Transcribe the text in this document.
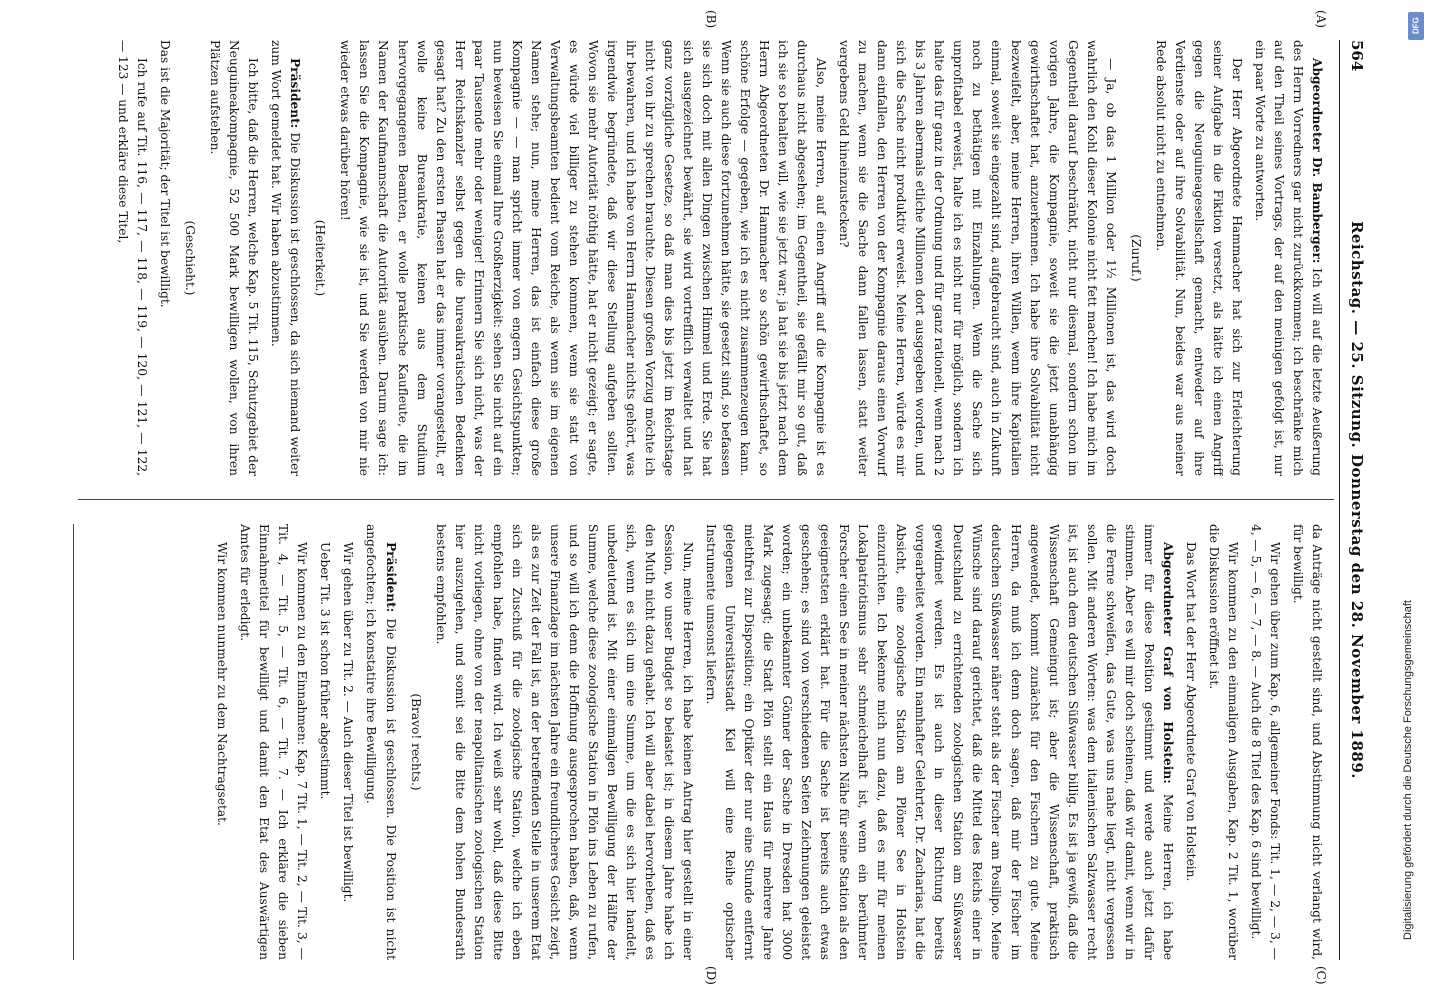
564
Reichstag. — 25. Sitzung. Donnerstag den 28. November 1889.
(A)
(B)
(C)
(D)

Abgeordneter Dr. Bamberger: Ich will auf die letzte Aeußerung des Herrn Vorredners gar nicht zurückkommen; ich beschränke mich auf den Theil seines Vortrags, der auf den meinigen gefolgt ist, nur ein paar Worte zu antworten.

Der Herr Abgeordnete Hammacher hat sich zur Erleichterung seiner Aufgabe in die Fiktion versetzt, als hätte ich einen Angriff gegen die Neuguineagesellschaft gemacht, entweder auf ihre Verdienste oder auf ihre Solvabilität. Nun, beides war aus meiner Rede absolut nicht zu entnehmen.

(Zuruf.)

— Ja, ob das 1 Million oder 1½ Millionen ist, das wird doch wahrlich den Kohl dieser Kolonie nicht fett machen! Ich habe mich im Gegentheil darauf beschränkt, nicht nur diesmal, sondern schon im vorigen Jahre, die Kompagnie, soweit sie die jetzt unabhängig gewirthschaftet hat, anzuerkennen. Ich habe ihre Solvabilität nicht bezweifelt, aber, meine Herren, ihren Willen, wenn ihre Kapitalien einmal, soweit sie eingezahlt sind, aufgebraucht sind, auch in Zukunft noch zu bethätigen mit Einzahlungen. Wenn die Sache sich unprofitabel erweist, halte ich es nicht nur für möglich, sondern ich halte das für ganz in der Ordnung und für ganz rationell, wenn nach 2 bis 3 Jahren abermals etliche Millionen dort ausgegeben worden, und sich die Sache nicht produktiv erweist. Meine Herren, würde es mir dann einfallen, den Herren von der Kompagnie daraus einen Vorwurf zu machen, wenn sie die Sache dann fallen lassen, statt weiter vergebens Geld hineinzustecken?

Also, meine Herren, auf einen Angriff auf die Kompagnie ist es durchaus nicht abgesehen; im Gegentheil, sie gefällt mir so gut, daß ich sie so behalten will, wie sie jetzt war; ja hat sie bis jetzt nach dem Herrn Abgeordneten Dr. Hammacher so schön gewirthschaftet, so schöne Erfolge — gegeben, wie ich es nicht zusammenzeugen kann. Wenn sie auch diese fortzunehmen hätte, sie gesetzt sind, so befassen sie sich doch mit allen Dingen zwischen Himmel und Erde. Sie hat sich ausgezeichnet bewährt, sie wird vortrefflich verwaltet und hat ganz vorzügliche Gesetze, so daß man dies bis jetzt im Reichstage nicht von ihr zu sprechen brauchte. Diesen großen Vorzug möchte ich ihr bewahren, und ich habe von Herrn Hammacher nichts gehört, was irgendwie begründete, daß wir diese Stellung aufgeben sollten. Wovon sie mehr Autorität nöthig hätte, hat er nicht gezeigt; er sagte, es würde viel billiger zu stehen kommen, wenn sie statt von Verwaltungsbeamten bedient vom Reiche, als wenn sie im eigenen Namen stehe; nun, meine Herren, das ist einfach diese große Kompagnie — — man spricht immer von engern Gesichtspunkten; nun beweisen Sie einmal Ihre Großherzigkeit: sehen Sie nicht auf ein paar Tausende mehr oder weniger! Erinnern Sie sich nicht, was der Herr Reichskanzler selbst gegen die bureaukratischen Bedenken gesagt hat? Zu den ersten Phasen hat er das immer vorangestellt, er wolle keine Bureaukratie, keinen aus dem Studium hervorgegangenen Beamten, er wolle praktische Kaufleute, die im Namen der Kaufmannschaft die Autorität ausüben. Darum sage ich: lassen Sie die Kompagnie, wie sie ist, und Sie werden von mir nie wieder etwas darüber hören!

(Heiterkeit.)

Präsident: Die Diskussion ist geschlossen, da sich niemand weiter zum Wort gemeldet hat. Wir haben abzustimmen.

Ich bitte, daß die Herren, welche Kap. 5 Tit. 115, Schutzgebiet der Neuguineakompagnie, 52 500 Mark bewilligen wollen, von ihren Plätzen aufstehen.

(Geschieht.)

Das ist die Majorität; der Titel ist bewilligt.

Ich rufe auf Tit. 116, — 117, — 118, — 119, — 120, — 121, — 122, — 123 — und erkläre diese Titel,

da Anträge nicht gestellt sind, und Abstimmung nicht verlangt wird, für bewilligt.

Wir gehen über zum Kap. 6, allgemeiner Fonds: Tit. 1, — 2, — 3, — 4, — 5, — 6, — 7, — 8. — Auch die 8 Titel des Kap. 6 sind bewilligt.

Wir kommen zu den einmaligen Ausgaben, Kap. 2 Tit. 1, worüber die Diskussion eröffnet ist.

Das Wort hat der Herr Abgeordnete Graf von Holstein.

Abgeordneter Graf von Holstein: Meine Herren, ich habe immer für diese Position gestimmt und werde auch jetzt dafür stimmen. Aber es will mir doch scheinen, daß wir damit, wenn wir in die Ferne schweifen, das Gute, was uns nahe liegt, nicht vergessen sollen. Mit anderen Worten: was dem italienischen Salzwasser recht ist, ist auch dem deutschen Süßwasser billig. Es ist ja gewiß, daß die Wissenschaft Gemeingut ist; aber die Wissenschaft, praktisch angewendet, kommt zunächst für den Fischern zu gute. Meine Herren, da muß ich denn doch sagen, daß mir der Fischer im deutschen Süßwasser näher steht als der Fischer am Posilipo. Meine Wünsche sind darauf gerichtet, daß die Mittel des Reichs einer in Deutschland zu errichtenden zoologischen Station am Süßwasser gewidmet werden. Es ist auch in dieser Richtung bereits vorgearbeitet worden. Ein namhafter Gelehrter, Dr. Zacharias, hat die Absicht, eine zoologische Station am Plöner See in Holstein einzurichten. Ich bekenne mich nun dazu, daß es mir für meinen Lokalpatriotismus sehr schmeichelhaft ist, wenn ein berühmter Forscher einen See in meiner nächsten Nähe für seine Station als den geeignetsten erklärt hat. Für die Sache ist bereits auch etwas geschehen; es sind von verschiedenen Seiten Zeichnungen geleistet worden; ein unbekannter Gönner der Sache in Dresden hat 3000 Mark zugesagt; die Stadt Plön stellt ein Haus für mehrere Jahre miethfrei zur Disposition; ein Optiker der nur eine Stunde entfernt gelegenen Universitätsstadt Kiel will eine Reihe optischer Instrumente umsonst liefern.

Nun, meine Herren, ich habe keinen Antrag hier gestellt in einer Session, wo unser Budget so belastet ist; in diesem Jahre habe ich den Muth nicht dazu gehabt. Ich will aber dabei hervorheben, daß es sich, wenn es sich um eine Summe, um die es sich hier handelt, unbedeutend ist. Mit einer einmaligen Bewilligung der Hälfte der Summe, welche diese zoologische Station in Plön ins Leben zu rufen, und so will ich denn die Hoffnung ausgesprochen haben, daß, wenn unsere Finanzlage im nächsten Jahre ein freundlicheres Gesicht zeigt, als es zur Zeit der Fall ist, an der betreffenden Stelle in unserem Etat sich ein Zuschuß für die zoologische Station, welche ich eben empfohlen habe, finden wird. Ich weiß sehr wohl, daß diese Bitte nicht vorliegen, ohne von der neapolitanischen zoologischen Station hier auszugehen, und somit sei die Bitte dem hohen Bundesrath bestens empfohlen.

(Bravo! rechts.)

Präsident: Die Diskussion ist geschlossen. Die Position ist nicht angefochten; ich konstatire ihre Bewilligung.

Wir gehen über zu Tit. 2. — Auch dieser Titel ist bewilligt.

Ueber Tit. 3 ist schon früher abgestimmt.

Wir kommen zu den Einnahmen: Kap. 7 Tit. 1, — Tit. 2, — Tit. 3, — Tit. 4, — Tit. 5, — Tit. 6, — Tit. 7. — Ich erkläre die sieben Einnahmetitel für bewilligt und damit den Etat des Auswärtigen Amtes für erledigt.

Wir kommen nunmehr zu dem Nachtragsetat.

DFG
Digitalisierung gefördert durch die Deutsche Forschungsgemeinschaft
